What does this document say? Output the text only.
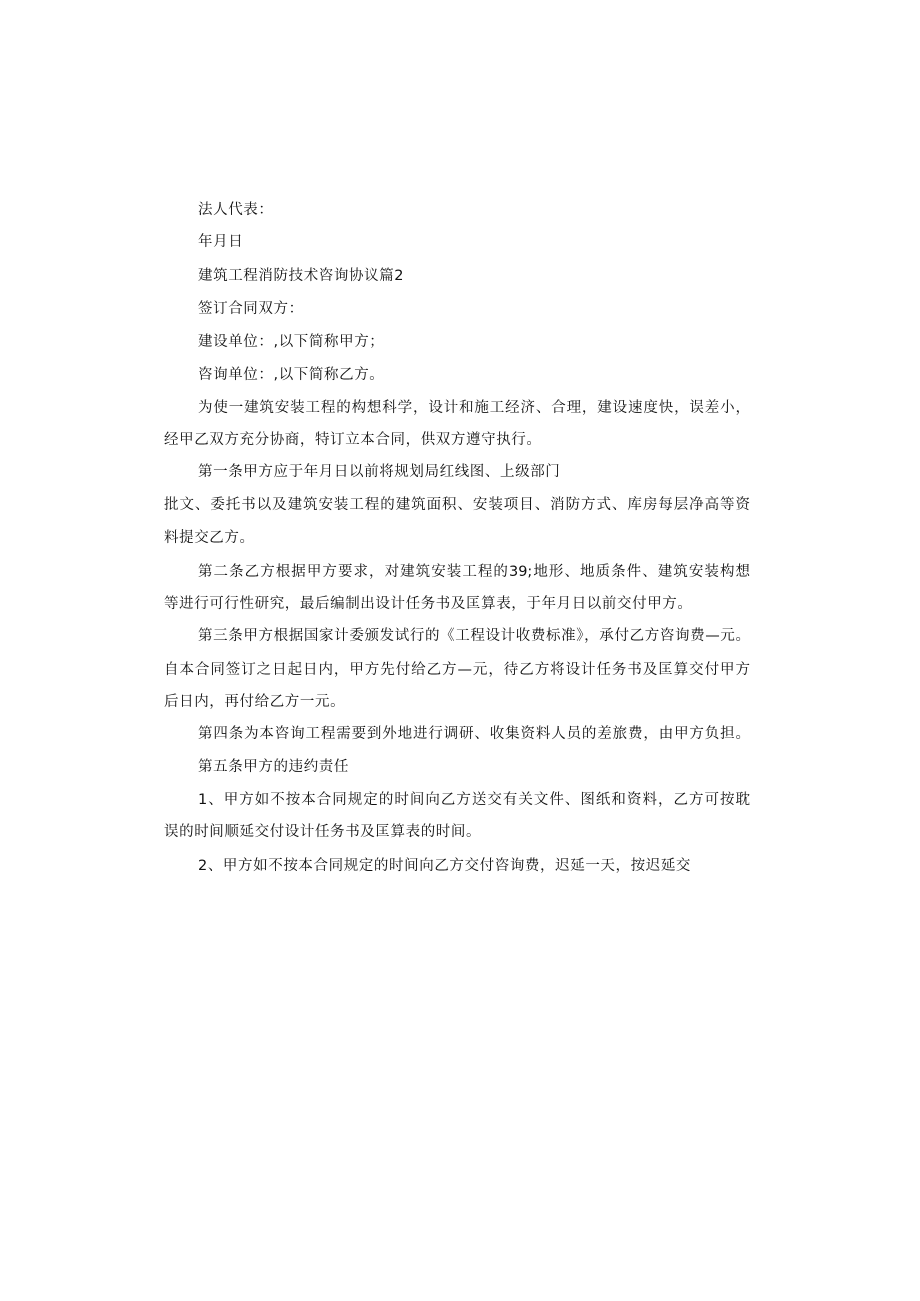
法人代表：
年月日
建筑工程消防技术咨询协议篇2
签订合同双方：
建设单位：,以下简称甲方；
咨询单位：,以下简称乙方。
为使一建筑安装工程的构想科学，设计和施工经济、合理，建设速度快，误差小，
经甲乙双方充分协商，特订立本合同，供双方遵守执行。
第一条甲方应于年月日以前将规划局红线图、上级部门
批文、委托书以及建筑安装工程的建筑面积、安装项目、消防方式、库房每层净高等资
料提交乙方。
第二条乙方根据甲方要求，对建筑安装工程的39;地形、地质条件、建筑安装构想
等进行可行性研究，最后编制出设计任务书及匡算表，于年月日以前交付甲方。
第三条甲方根据国家计委颁发试行的《工程设计收费标准》，承付乙方咨询费—元。
自本合同签订之日起日内，甲方先付给乙方—元，待乙方将设计任务书及匡算交付甲方
后日内，再付给乙方一元。
第四条为本咨询工程需要到外地进行调研、收集资料人员的差旅费，由甲方负担。
第五条甲方的违约责任
1、甲方如不按本合同规定的时间向乙方送交有关文件、图纸和资料，乙方可按耽
误的时间顺延交付设计任务书及匡算表的时间。
2、甲方如不按本合同规定的时间向乙方交付咨询费，迟延一天，按迟延交
